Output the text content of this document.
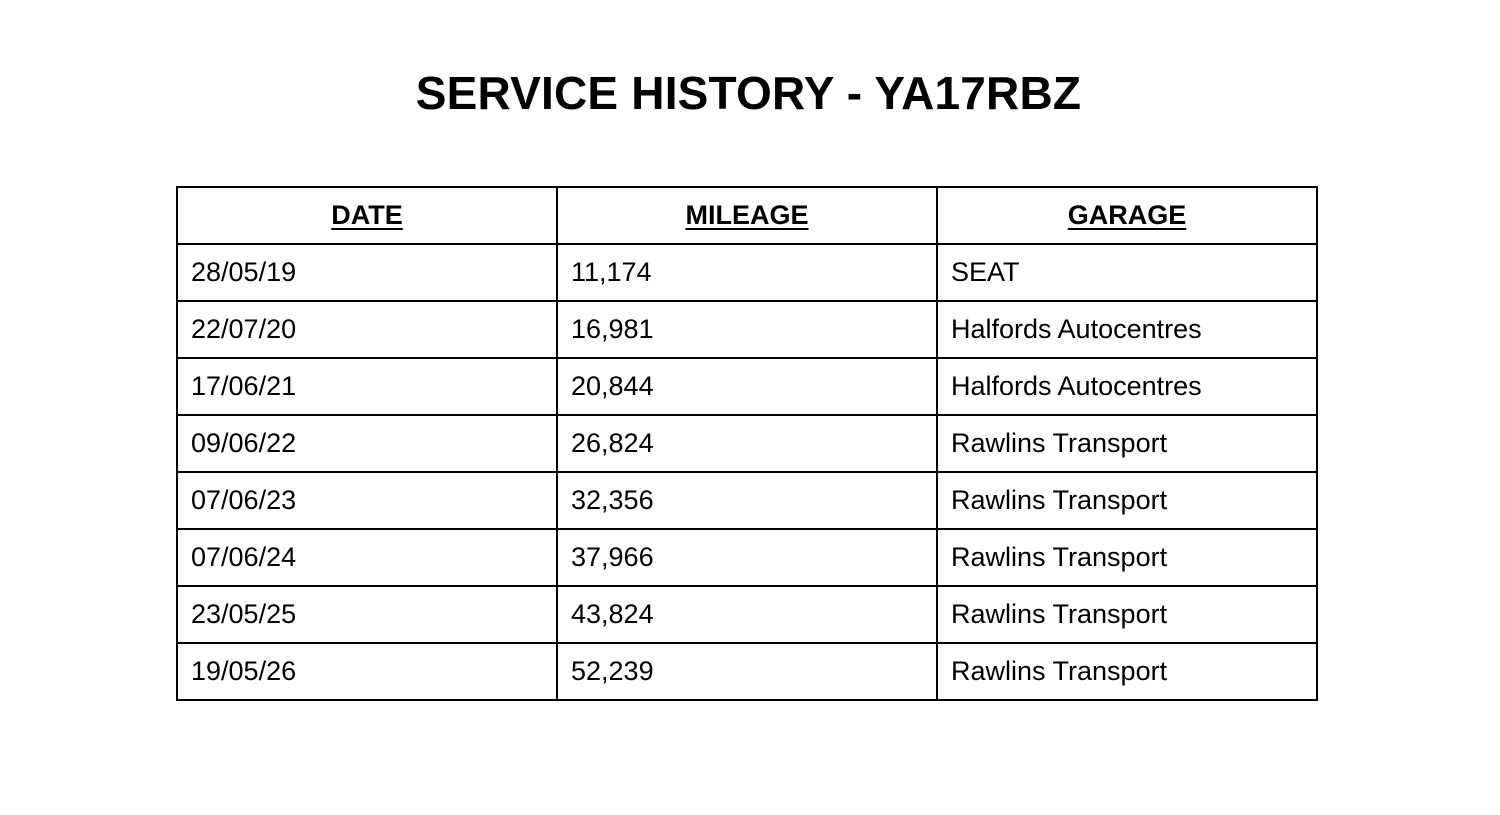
SERVICE HISTORY - YA17RBZ
DATE	MILEAGE	GARAGE
28/05/19	11,174	SEAT
22/07/20	16,981	Halfords Autocentres
17/06/21	20,844	Halfords Autocentres
09/06/22	26,824	Rawlins Transport
07/06/23	32,356	Rawlins Transport
07/06/24	37,966	Rawlins Transport
23/05/25	43,824	Rawlins Transport
19/05/26	52,239	Rawlins Transport
